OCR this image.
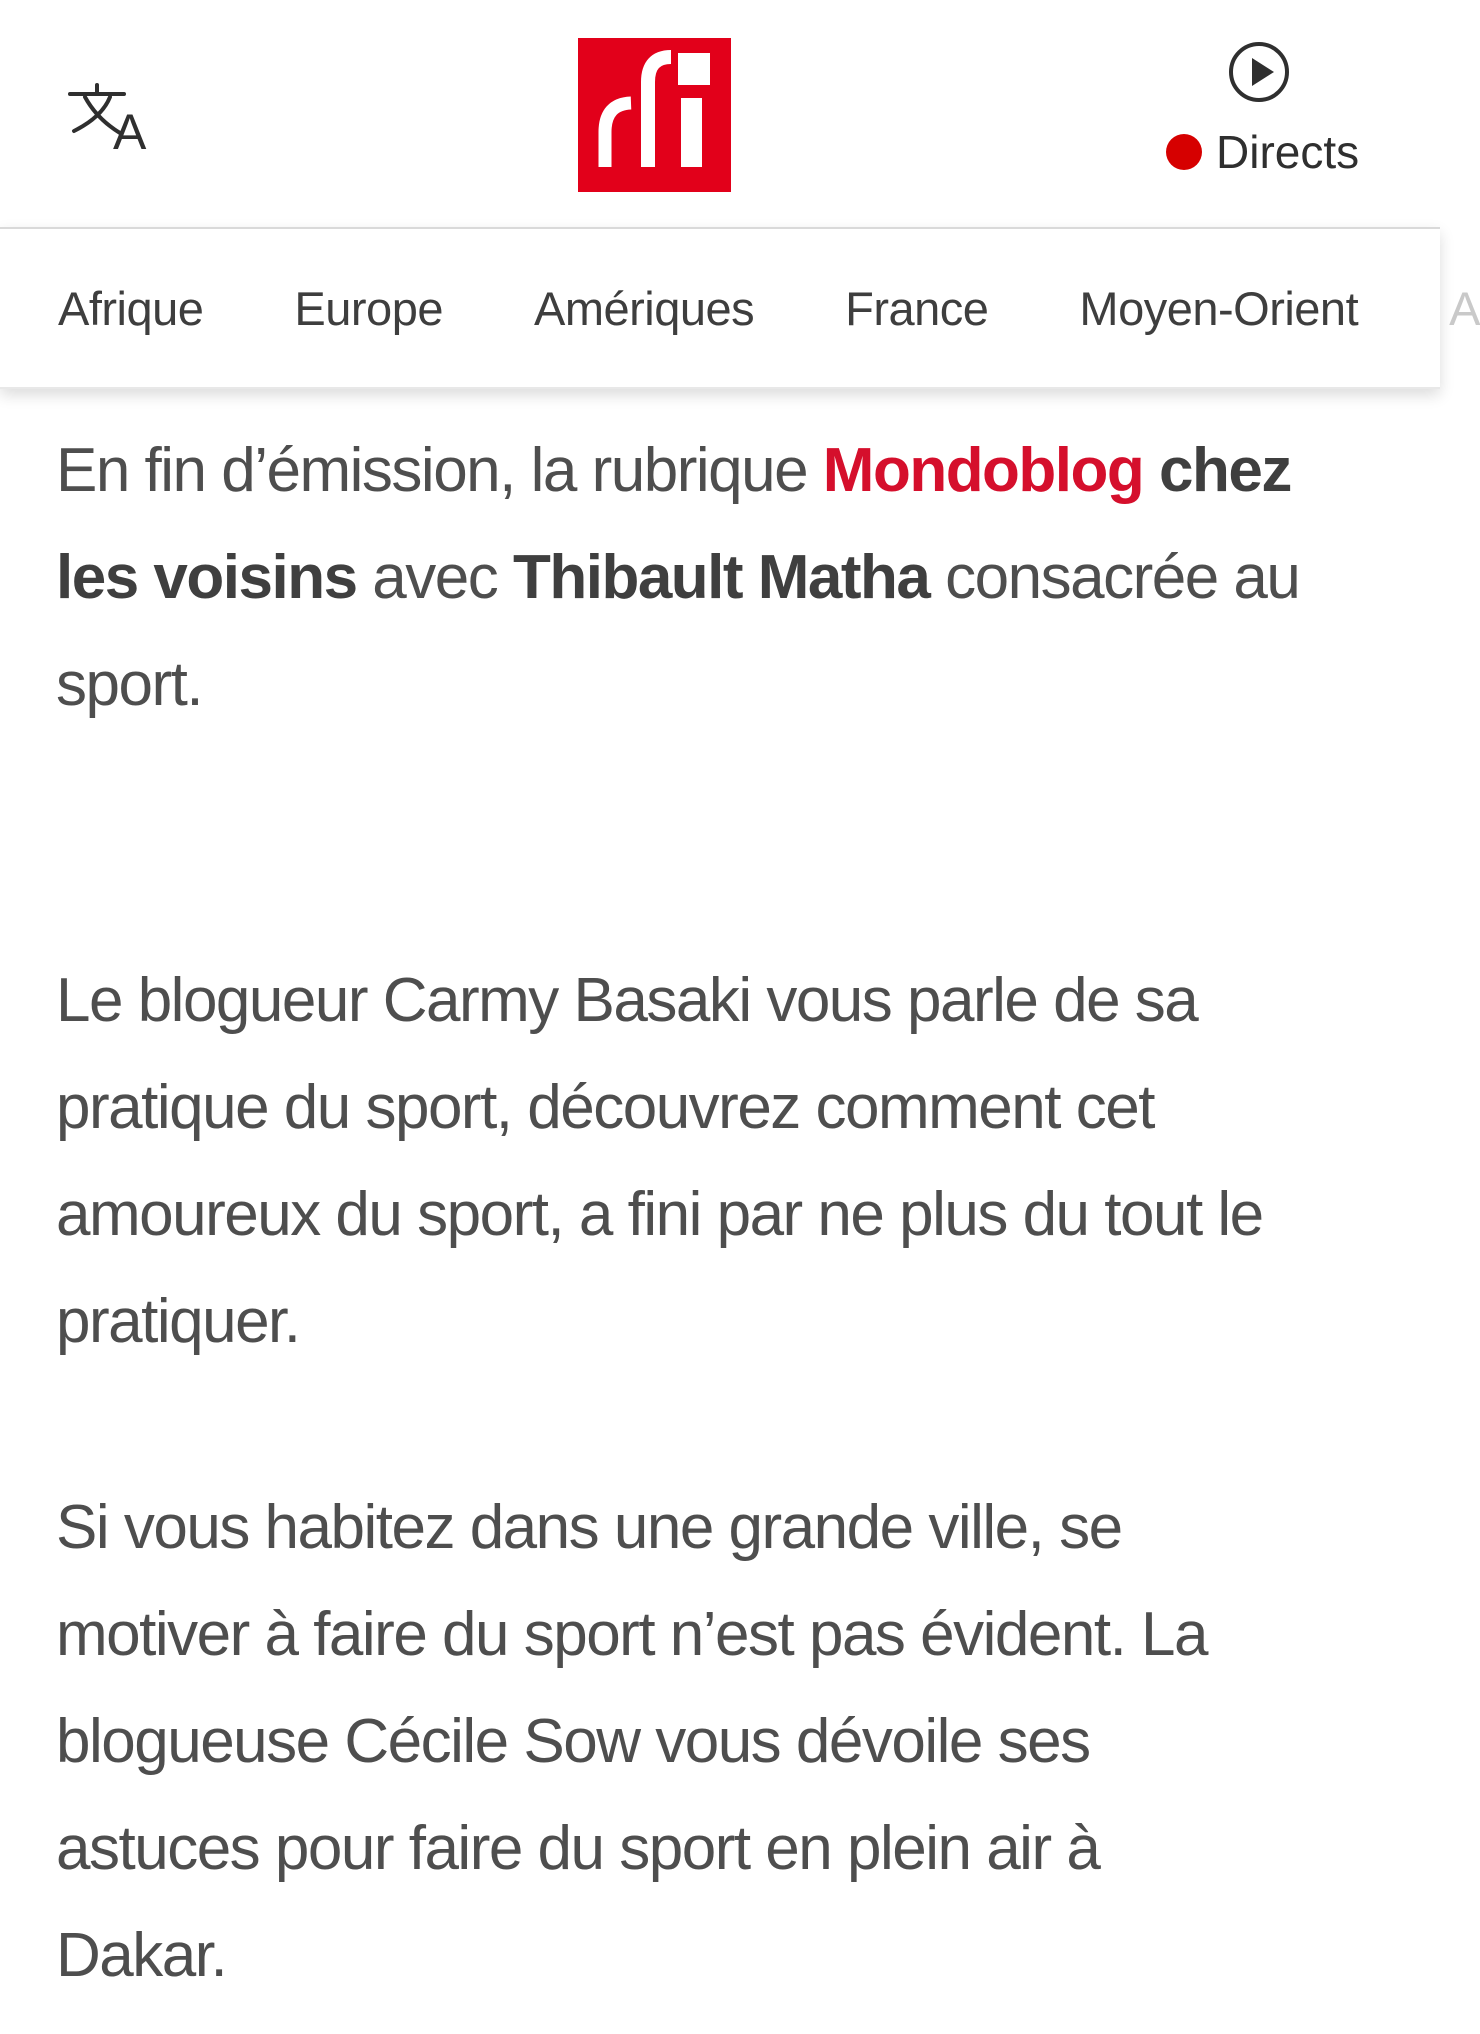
A	Directs
Afrique Europe Amériques France Moyen-Orient A

En fin d’émission, la rubrique Mondoblog chez
les voisins avec Thibault Matha consacrée au
sport.

Le blogueur Carmy Basaki vous parle de sa
pratique du sport, découvrez comment cet
amoureux du sport, a fini par ne plus du tout le
pratiquer.

Si vous habitez dans une grande ville, se
motiver à faire du sport n’est pas évident. La
blogueuse Cécile Sow vous dévoile ses
astuces pour faire du sport en plein air à
Dakar.
